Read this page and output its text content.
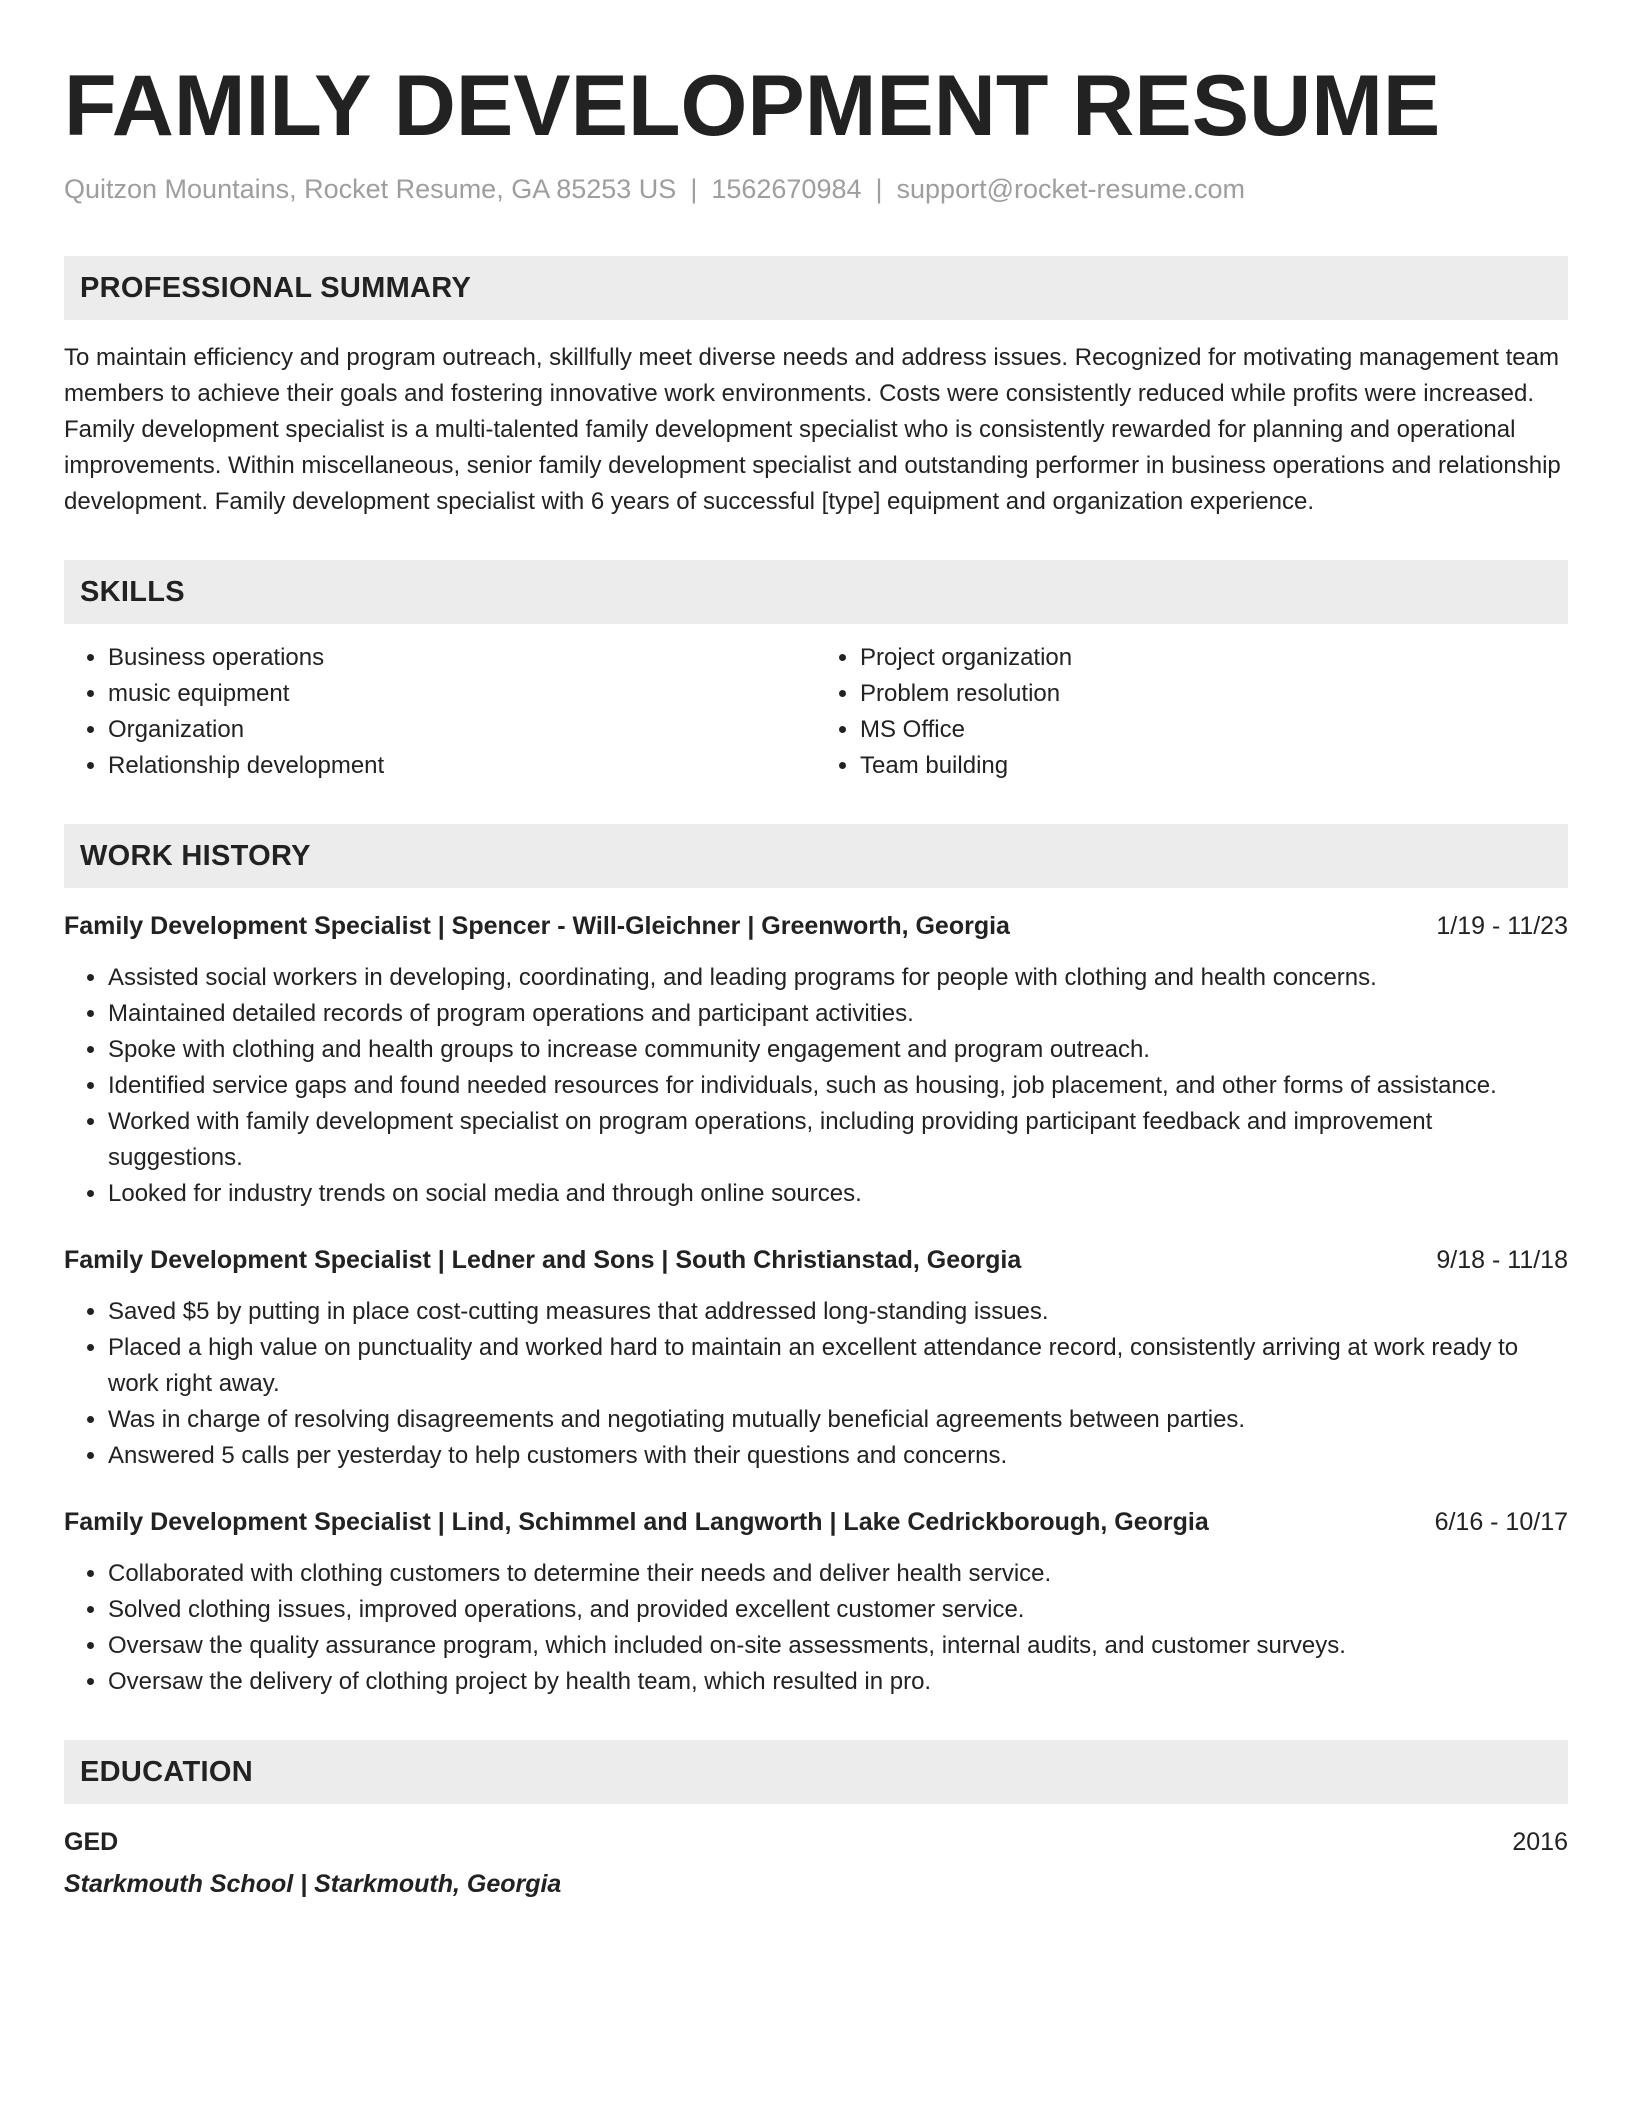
FAMILY DEVELOPMENT RESUME
Quitzon Mountains, Rocket Resume, GA 85253 US | 1562670984 | support@rocket-resume.com
PROFESSIONAL SUMMARY
To maintain efficiency and program outreach, skillfully meet diverse needs and address issues. Recognized for motivating management team members to achieve their goals and fostering innovative work environments. Costs were consistently reduced while profits were increased. Family development specialist is a multi-talented family development specialist who is consistently rewarded for planning and operational improvements. Within miscellaneous, senior family development specialist and outstanding performer in business operations and relationship development. Family development specialist with 6 years of successful [type] equipment and organization experience.
SKILLS
• Business operations
• music equipment
• Organization
• Relationship development
• Project organization
• Problem resolution
• MS Office
• Team building
WORK HISTORY
Family Development Specialist | Spencer - Will-Gleichner | Greenworth, Georgia	1/19 - 11/23
• Assisted social workers in developing, coordinating, and leading programs for people with clothing and health concerns.
• Maintained detailed records of program operations and participant activities.
• Spoke with clothing and health groups to increase community engagement and program outreach.
• Identified service gaps and found needed resources for individuals, such as housing, job placement, and other forms of assistance.
• Worked with family development specialist on program operations, including providing participant feedback and improvement suggestions.
• Looked for industry trends on social media and through online sources.
Family Development Specialist | Ledner and Sons | South Christianstad, Georgia	9/18 - 11/18
• Saved $5 by putting in place cost-cutting measures that addressed long-standing issues.
• Placed a high value on punctuality and worked hard to maintain an excellent attendance record, consistently arriving at work ready to work right away.
• Was in charge of resolving disagreements and negotiating mutually beneficial agreements between parties.
• Answered 5 calls per yesterday to help customers with their questions and concerns.
Family Development Specialist | Lind, Schimmel and Langworth | Lake Cedrickborough, Georgia	6/16 - 10/17
• Collaborated with clothing customers to determine their needs and deliver health service.
• Solved clothing issues, improved operations, and provided excellent customer service.
• Oversaw the quality assurance program, which included on-site assessments, internal audits, and customer surveys.
• Oversaw the delivery of clothing project by health team, which resulted in pro.
EDUCATION
GED	2016
Starkmouth School | Starkmouth, Georgia
